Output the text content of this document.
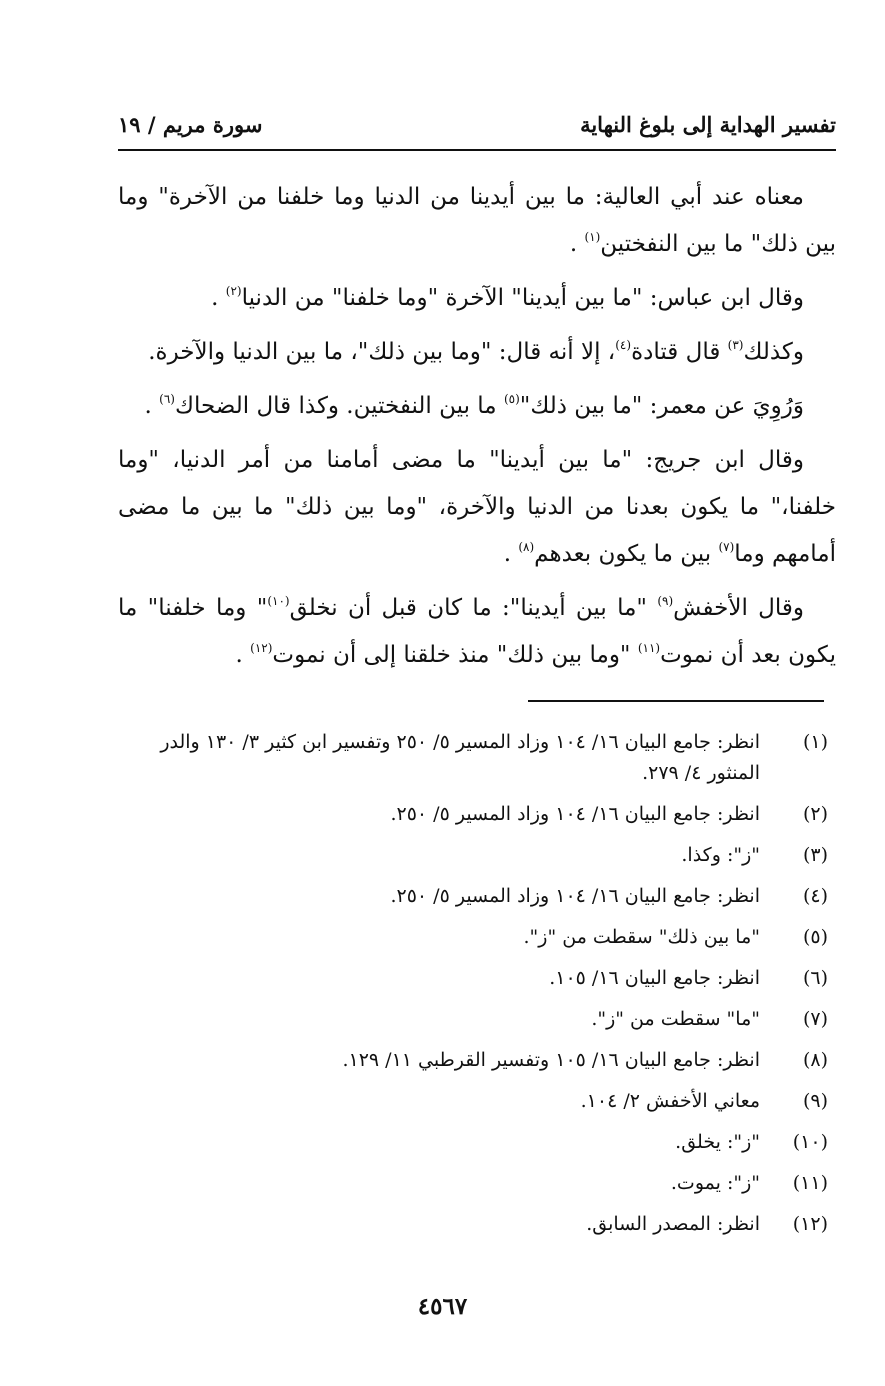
تفسير الهداية إلى بلوغ النهاية
سورة مريم / ١٩

معناه عند أبي العالية: ما بين أيدينا من الدنيا وما خلفنا من الآخرة" وما بين ذلك" ما بين النفختين$^{(١)}$ .

وقال ابن عباس: "ما بين أيدينا" الآخرة "وما خلفنا" من الدنيا$^{(٢)}$ .

وكذلك$^{(٣)}$ قال قتادة$^{(٤)}$، إلا أنه قال: "وما بين ذلك"، ما بين الدنيا والآخرة.

وَرُوِيَ عن معمر: "ما بين ذلك"$^{(٥)}$ ما بين النفختين. وكذا قال الضحاك$^{(٦)}$ .

وقال ابن جريج: "ما بين أيدينا" ما مضى أمامنا من أمر الدنيا، "وما خلفنا،" ما يكون بعدنا من الدنيا والآخرة، "وما بين ذلك" ما بين ما مضى أمامهم وما$^{(٧)}$ بين ما يكون بعدهم$^{(٨)}$ .

وقال الأخفش$^{(٩)}$ "ما بين أيدينا": ما كان قبل أن نخلق$^{(١٠)}$" وما خلفنا" ما يكون بعد أن نموت$^{(١١)}$ "وما بين ذلك" منذ خلقنا إلى أن نموت$^{(١٢)}$ .

(١)
انظر: جامع البيان ١٦/ ١٠٤ وزاد المسير ٥/ ٢٥٠ وتفسير ابن كثير ٣/ ١٣٠ والدر المنثور ٤/ ٢٧٩.
(٢)
انظر: جامع البيان ١٦/ ١٠٤ وزاد المسير ٥/ ٢٥٠.
(٣)
"ز": وكذا.
(٤)
انظر: جامع البيان ١٦/ ١٠٤ وزاد المسير ٥/ ٢٥٠.
(٥)
"ما بين ذلك" سقطت من "ز".
(٦)
انظر: جامع البيان ١٦/ ١٠٥.
(٧)
"ما" سقطت من "ز".
(٨)
انظر: جامع البيان ١٦/ ١٠٥ وتفسير القرطبي ١١/ ١٢٩.
(٩)
معاني الأخفش ٢/ ١٠٤.
(١٠)
"ز": يخلق.
(١١)
"ز": يموت.
(١٢)
انظر: المصدر السابق.
٤٥٦٧
